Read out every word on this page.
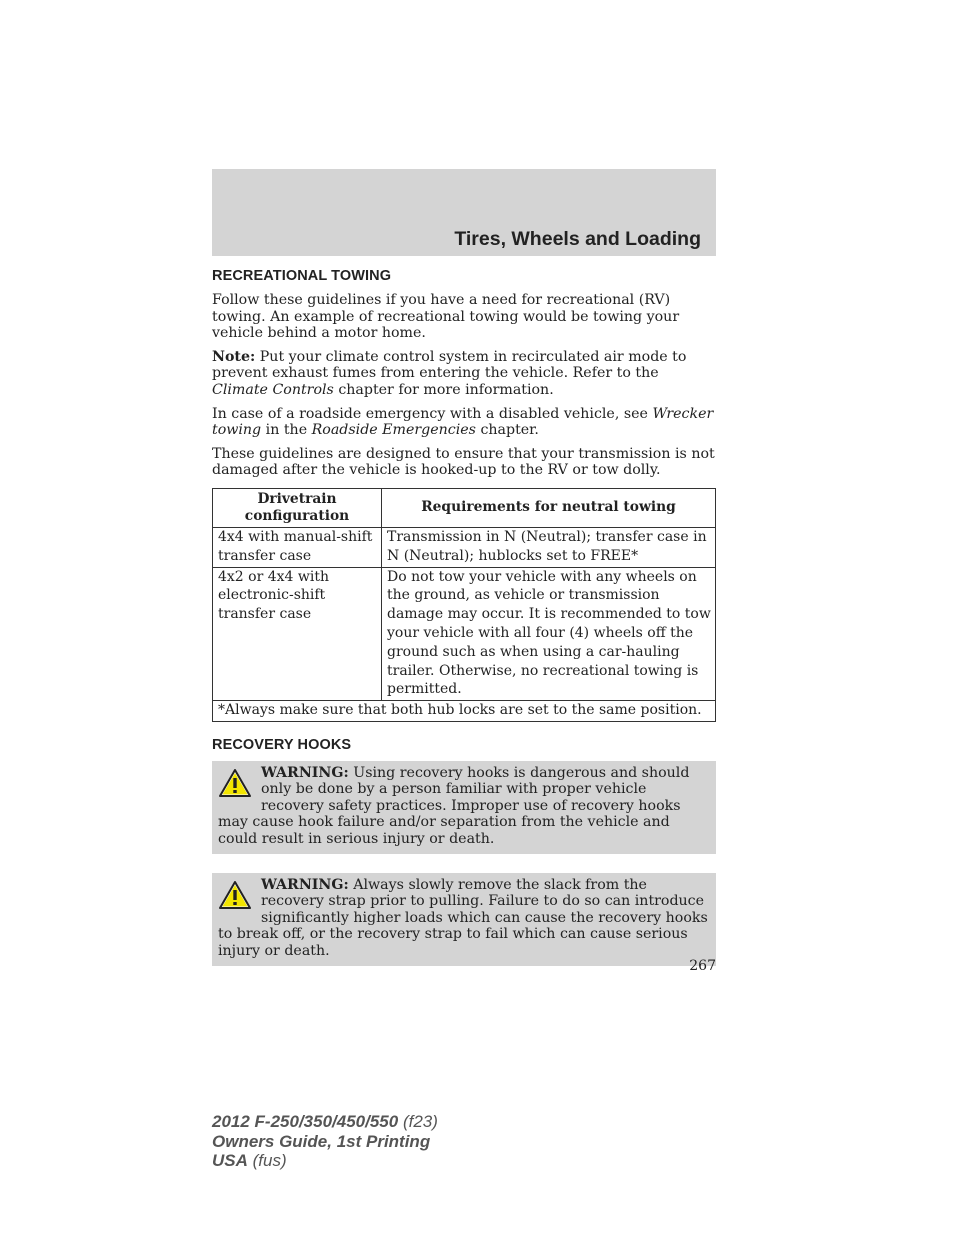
Tires, Wheels and Loading
RECREATIONAL TOWING

Follow these guidelines if you have a need for recreational (RV) towing. An example of recreational towing would be towing your vehicle behind a motor home.

Note: Put your climate control system in recirculated air mode to prevent exhaust fumes from entering the vehicle. Refer to the Climate Controls chapter for more information.

In case of a roadside emergency with a disabled vehicle, see Wrecker towing in the Roadside Emergencies chapter.

These guidelines are designed to ensure that your transmission is not damaged after the vehicle is hooked-up to the RV or tow dolly.

Drivetrain configuration	Requirements for neutral towing
4x4 with manual-shift transfer case	Transmission in N (Neutral); transfer case in N (Neutral); hublocks set to FREE*
4x2 or 4x4 with electronic-shift transfer case	Do not tow your vehicle with any wheels on the ground, as vehicle or transmission damage may occur. It is recommended to tow your vehicle with all four (4) wheels off the ground such as when using a car-hauling trailer. Otherwise, no recreational towing is permitted.
*Always make sure that both hub locks are set to the same position.	
RECOVERY HOOKS
WARNING: Using recovery hooks is dangerous and should only be done by a person familiar with proper vehicle recovery safety practices. Improper use of recovery hooks may cause hook failure and/or separation from the vehicle and could result in serious injury or death.
WARNING: Always slowly remove the slack from the recovery strap prior to pulling. Failure to do so can introduce significantly higher loads which can cause the recovery hooks to break off, or the recovery strap to fail which can cause serious injury or death.
267
2012 F-250/350/450/550 (f23)
Owners Guide, 1st Printing
USA (fus)
